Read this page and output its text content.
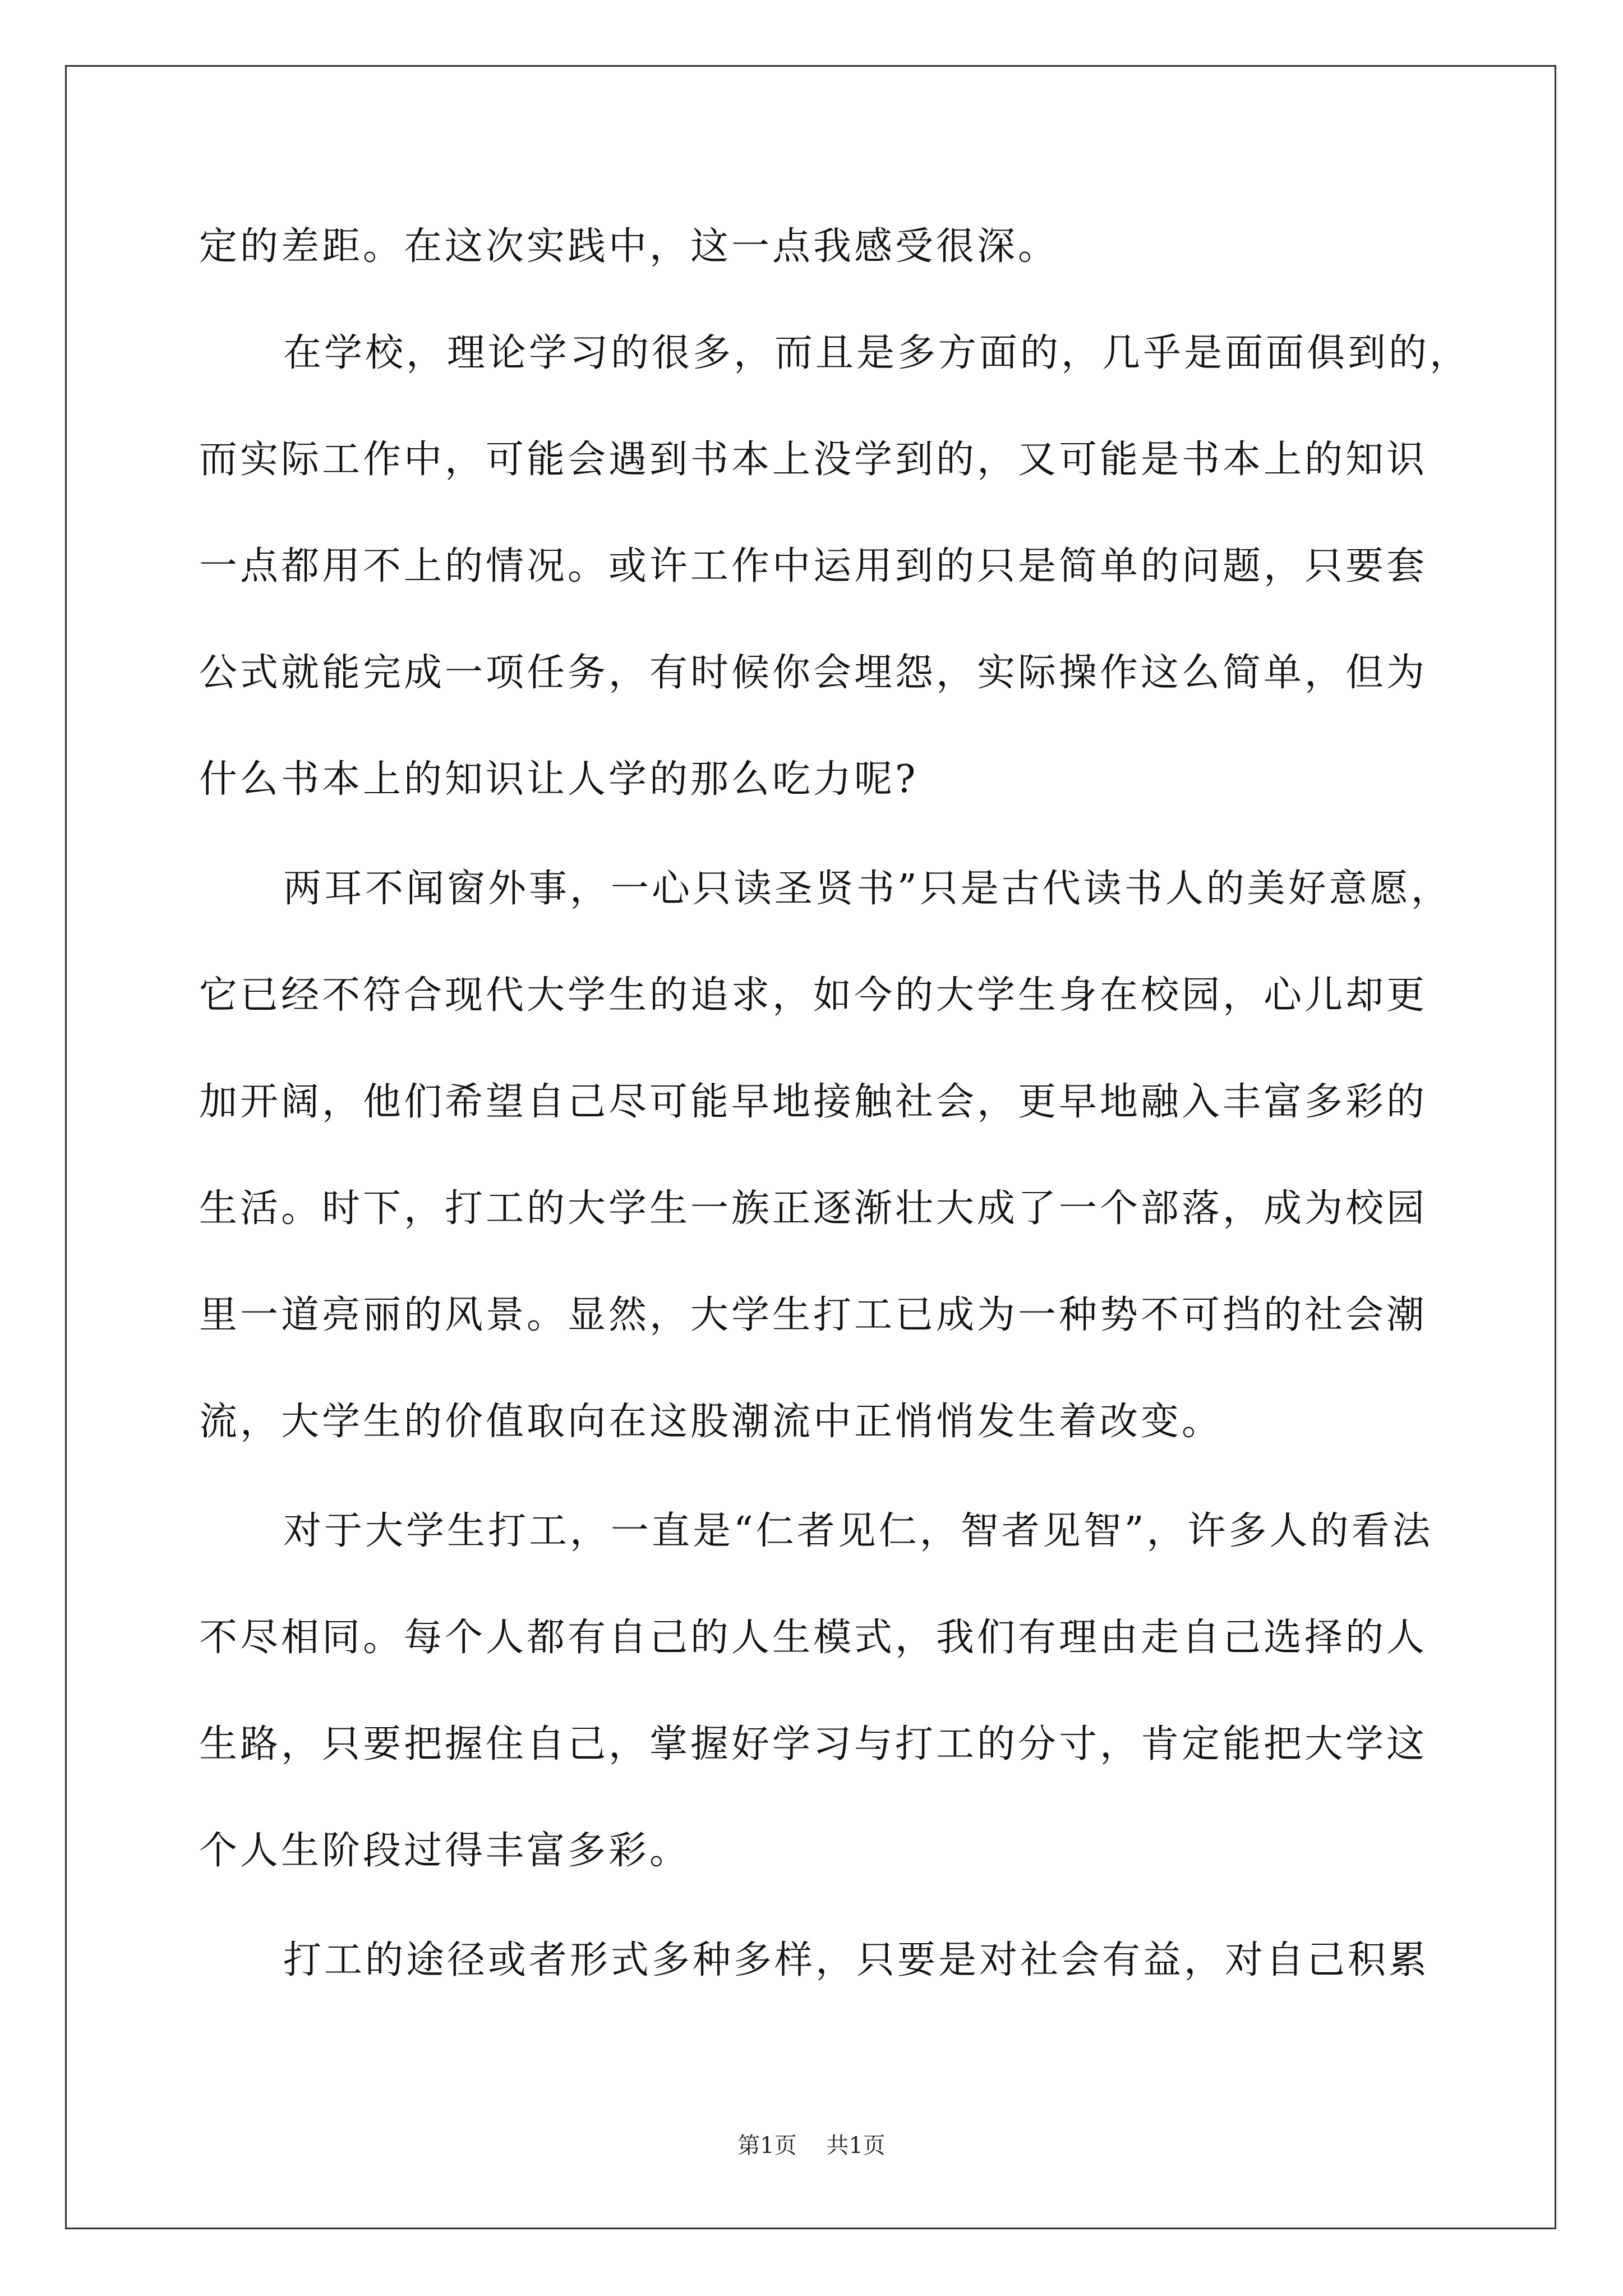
定的差距。在这次实践中，这一点我感受很深。
在学校，理论学习的很多，而且是多方面的，几乎是面面俱到的，
而实际工作中，可能会遇到书本上没学到的，又可能是书本上的知识
一点都用不上的情况。或许工作中运用到的只是简单的问题，只要套
公式就能完成一项任务，有时候你会埋怨，实际操作这么简单，但为
什么书本上的知识让人学的那么吃力呢?
两耳不闻窗外事，一心只读圣贤书”只是古代读书人的美好意愿，
它已经不符合现代大学生的追求，如今的大学生身在校园，心儿却更
加开阔，他们希望自己尽可能早地接触社会，更早地融入丰富多彩的
生活。时下，打工的大学生一族正逐渐壮大成了一个部落，成为校园
里一道亮丽的风景。显然，大学生打工已成为一种势不可挡的社会潮
流，大学生的价值取向在这股潮流中正悄悄发生着改变。
对于大学生打工，一直是“仁者见仁，智者见智”，许多人的看法
不尽相同。每个人都有自己的人生模式，我们有理由走自己选择的人
生路，只要把握住自己，掌握好学习与打工的分寸，肯定能把大学这
个人生阶段过得丰富多彩。
打工的途径或者形式多种多样，只要是对社会有益，对自己积累
第1页 共1页
